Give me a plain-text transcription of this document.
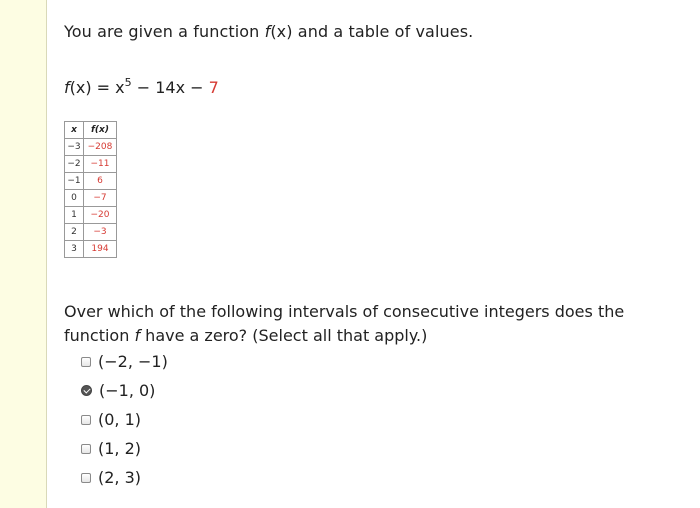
You are given a function f(x) and a table of values.
$f(x) = x^5 - 14x - 7$
x	f(x)
−3	−208
−2	−11
−1	6
0	−7
1	−20
2	−3
3	194
Over which of the following intervals of consecutive integers does the
function f have a zero? (Select all that apply.)
(−2, −1)
(−1, 0)
(0, 1)
(1, 2)
(2, 3)
